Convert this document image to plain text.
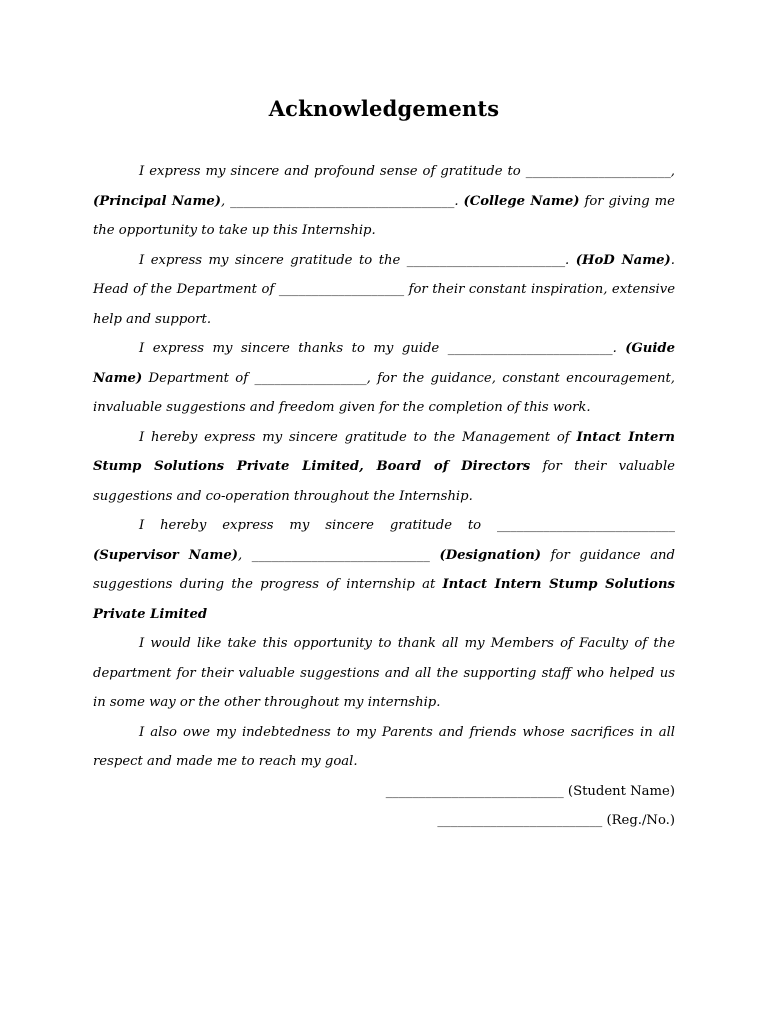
Acknowledgements

I express my sincere and profound sense of gratitude to ______________________, (Principal Name), __________________________________. (College Name) for giving me the opportunity to take up this Internship.

I express my sincere gratitude to the ________________________. (HoD Name). Head of the Department of ___________________ for their constant inspiration, extensive help and support.

I express my sincere thanks to my guide _________________________. (Guide Name) Department of _________________, for the guidance, constant encouragement, invaluable suggestions and freedom given for the completion of this work.

I hereby express my sincere gratitude to the Management of Intact Intern Stump Solutions Private Limited, Board of Directors for their valuable suggestions and co-operation throughout the Internship.

I hereby express my sincere gratitude to ___________________________ (Supervisor Name), ___________________________ (Designation) for guidance and suggestions during the progress of internship at Intact Intern Stump Solutions Private Limited

I would like take this opportunity to thank all my Members of Faculty of the department for their valuable suggestions and all the supporting staff who helped us in some way or the other throughout my internship.

I also owe my indebtedness to my Parents and friends whose sacrifices in all respect and made me to reach my goal.

___________________________ (Student Name)

_________________________ (Reg./No.)
